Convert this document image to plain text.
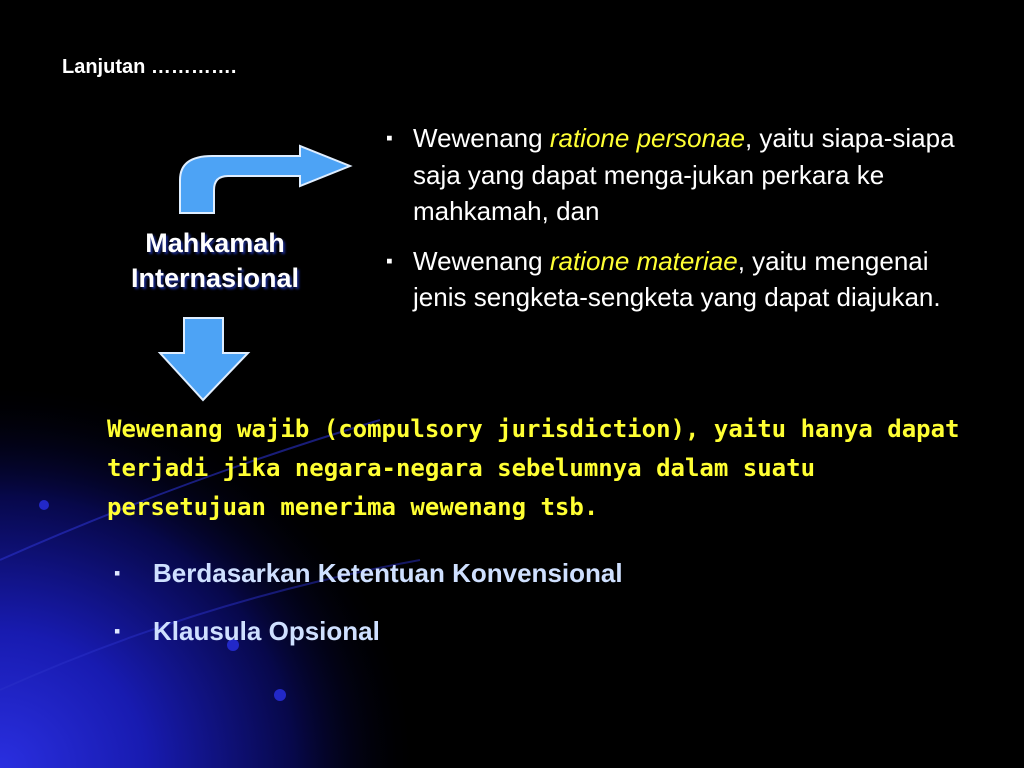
Lanjutan ………….
Mahkamah
Internasional
▪ Wewenang ratione personae, yaitu siapa-siapa saja yang dapat menga-jukan perkara ke mahkamah, dan
▪ Wewenang ratione materiae, yaitu mengenai jenis sengketa-sengketa yang dapat diajukan.
Wewenang wajib (compulsory jurisdiction), yaitu hanya dapat terjadi jika negara-negara sebelumnya dalam suatu persetujuan menerima wewenang tsb.
▪ Berdasarkan Ketentuan Konvensional
▪ Klausula Opsional
